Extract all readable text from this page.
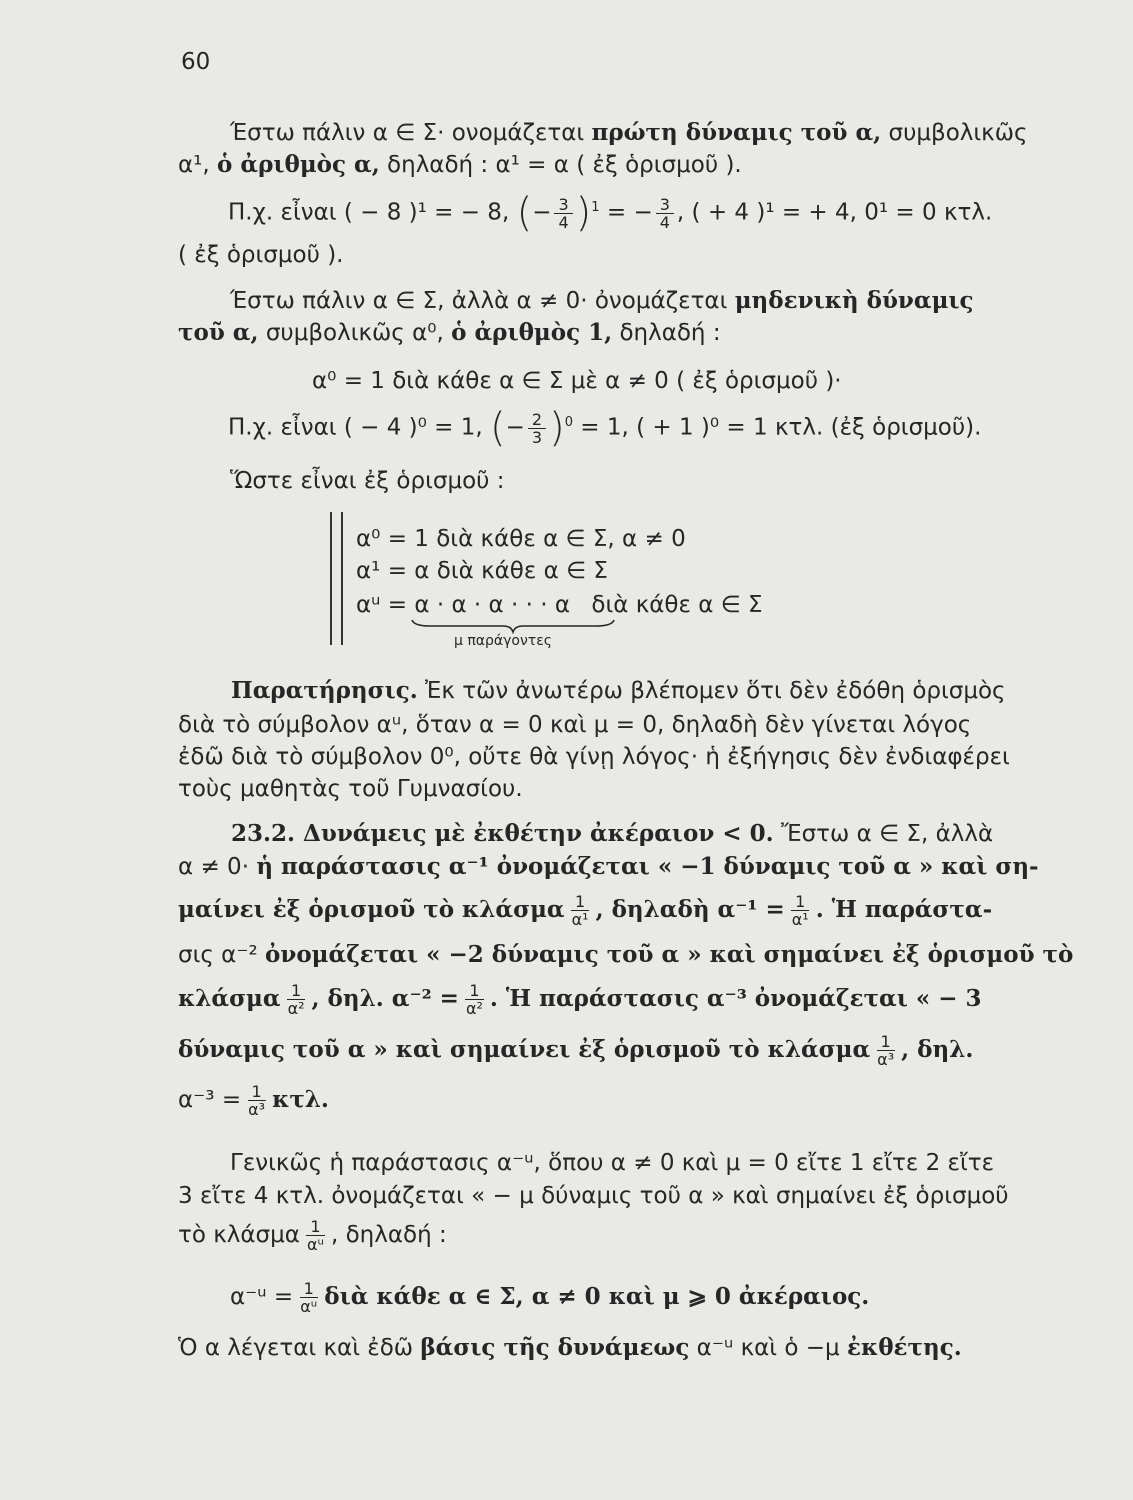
60
Έστω πάλιν α ∈ Σ· ονομάζεται πρώτη δύναμις τοῦ α, συμβολικῶς
α¹, ὁ ἀριθμὸς α, δηλαδή : α¹ = α ( ἐξ ὁρισμοῦ ).
Π.χ. εἶναι ( − 8 )¹ = − 8, (− $\frac{3}{4} )^1$ = − $\frac{3}{4}$ , ( + 4 )¹ = + 4, 0¹ = 0 κτλ.
( ἐξ ὁρισμοῦ ).
Έστω πάλιν α ∈ Σ, ἀλλὰ α ≠ 0· ὀνομάζεται μηδενικὴ δύναμις
τοῦ α, συμβολικῶς α⁰, ὁ ἀριθμὸς 1, δηλαδή :
α⁰ = 1 διὰ κάθε α ∈ Σ μὲ α ≠ 0 ( ἐξ ὁρισμοῦ )·
Π.χ. εἶναι ( − 4 )⁰ = 1, (− $\frac{2}{3} )^0 = 1$, ( + 1 )⁰ = 1 κτλ. (ἐξ ὁρισμοῦ).
Ὥστε εἶναι ἐξ ὁρισμοῦ :
α⁰ = 1 διὰ κάθε α ∈ Σ, α ≠ 0
α¹ = α διὰ κάθε α ∈ Σ
αᵘ = α · α · α · · · α διὰ κάθε α ∈ Σ
μ παράγοντες
Παρατήρησις. Ἐκ τῶν ἀνωτέρω βλέπομεν ὅτι δὲν ἐδόθη ὁρισμὸς
διὰ τὸ σύμβολον αᵘ, ὅταν α = 0 καὶ μ = 0, δηλαδὴ δὲν γίνεται λόγος
ἐδῶ διὰ τὸ σύμβολον 0⁰, οὔτε θὰ γίνῃ λόγος· ἡ ἐξήγησις δὲν ἐνδιαφέρει
τοὺς μαθητὰς τοῦ Γυμνασίου.
23.2. Δυνάμεις μὲ ἐκθέτην ἀκέραιον < 0. Ἔστω α ∈ Σ, ἀλλὰ
α ≠ 0· ἡ παράστασις α⁻¹ ὀνομάζεται « −1 δύναμις τοῦ α » καὶ ση-
μαίνει ἐξ ὁρισμοῦ τὸ κλάσμα $\frac{1}{\text{α¹}}$ , δηλαδὴ $\alpha^{-1} = \frac{1}{\text{α¹}}$ . Ἡ παράστα-
σις α⁻² ὀνομάζεται « −2 δύναμις τοῦ α » καὶ σημαίνει ἐξ ὁρισμοῦ τὸ
κλάσμα $\frac{1}{\text{α²}}$ , δηλ. $\alpha^{-2} = \frac{1}{\text{α²}}$ . Ἡ παράστασις α⁻³ ὀνομάζεται « − 3
δύναμις τοῦ α » καὶ σημαίνει ἐξ ὁρισμοῦ τὸ κλάσμα $\frac{1}{\text{α³}}$ , δηλ.
$\alpha^{-3} = \frac{1}{\text{α³}} \kappa\tau\lambda$.
Γενικῶς ἡ παράστασις α⁻ᵘ, ὅπου α ≠ 0 καὶ μ = 0 εἴτε 1 εἴτε 2 εἴτε
3 εἴτε 4 κτλ. ὀνομάζεται « − μ δύναμις τοῦ α » καὶ σημαίνει ἐξ ὁρισμοῦ
τὸ κλάσμα $\frac{1}{\text{αᵘ}}$ , δηλαδή :
α⁻ᵘ = $\frac{1}{\text{αᵘ}}$ διὰ κάθε α ∈ Σ, α ≠ 0 καὶ μ ⩾ 0 ἀκέραιος.
Ὁ α λέγεται καὶ ἐδῶ βάσις τῆς δυνάμεως α⁻ᵘ καὶ ὁ −μ ἐκθέτης.
